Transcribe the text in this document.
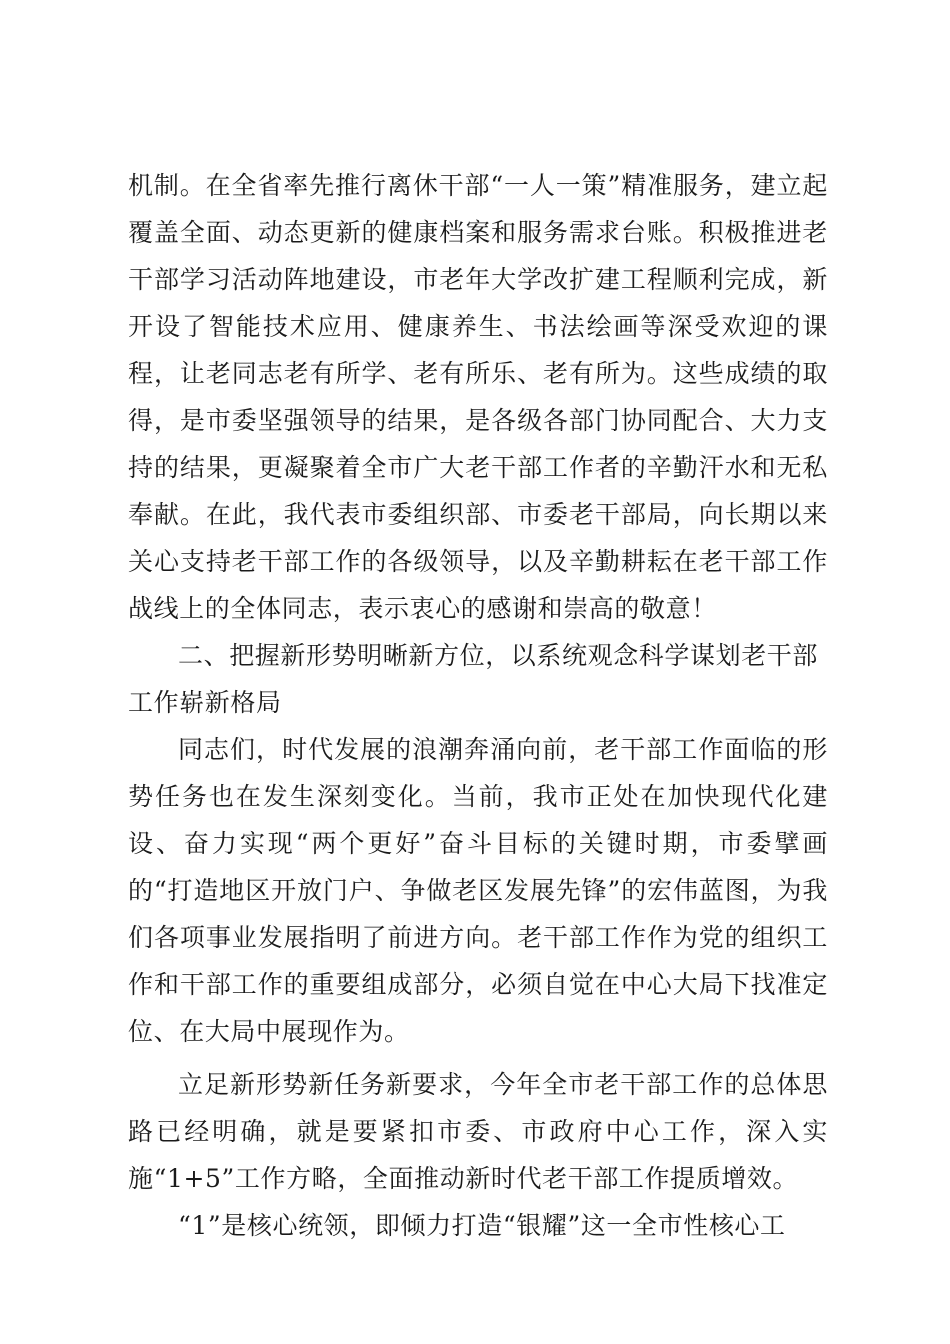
机制。在全省率先推行离休干部“一人一策”精准服务，建立起覆盖全面、动态更新的健康档案和服务需求台账。积极推进老干部学习活动阵地建设，市老年大学改扩建工程顺利完成，新开设了智能技术应用、健康养生、书法绘画等深受欢迎的课程，让老同志老有所学、老有所乐、老有所为。这些成绩的取得，是市委坚强领导的结果，是各级各部门协同配合、大力支持的结果，更凝聚着全市广大老干部工作者的辛勤汗水和无私奉献。在此，我代表市委组织部、市委老干部局，向长期以来关心支持老干部工作的各级领导，以及辛勤耕耘在老干部工作战线上的全体同志，表示衷心的感谢和崇高的敬意！

二、把握新形势明晰新方位，以系统观念科学谋划老干部工作崭新格局

同志们，时代发展的浪潮奔涌向前，老干部工作面临的形势任务也在发生深刻变化。当前，我市正处在加快现代化建设、奋力实现“两个更好”奋斗目标的关键时期，市委擘画的“打造地区开放门户、争做老区发展先锋”的宏伟蓝图，为我们各项事业发展指明了前进方向。老干部工作作为党的组织工作和干部工作的重要组成部分，必须自觉在中心大局下找准定位、在大局中展现作为。

立足新形势新任务新要求，今年全市老干部工作的总体思路已经明确，就是要紧扣市委、市政府中心工作，深入实施“1+5”工作方略，全面推动新时代老干部工作提质增效。

“1”是核心统领，即倾力打造“银耀”这一全市性核心工
